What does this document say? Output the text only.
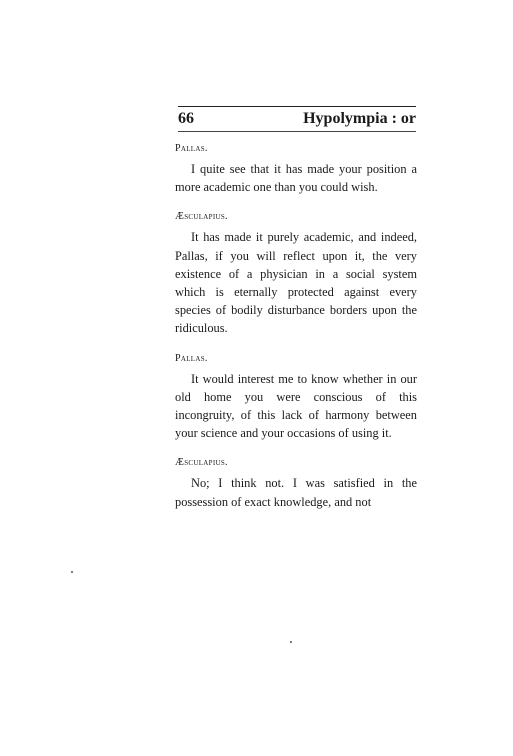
66	Hypolympia : or

Pallas.

I quite see that it has made your position a more academic one than you could wish.

Æsculapius.

It has made it purely academic, and indeed, Pallas, if you will reflect upon it, the very existence of a physician in a social system which is eternally protected against every species of bodily disturbance borders upon the ridiculous.

Pallas.

It would interest me to know whether in our old home you were conscious of this incongruity, of this lack of harmony between your science and your occasions of using it.

Æsculapius.

No; I think not. I was satisfied in the possession of exact knowledge, and not
